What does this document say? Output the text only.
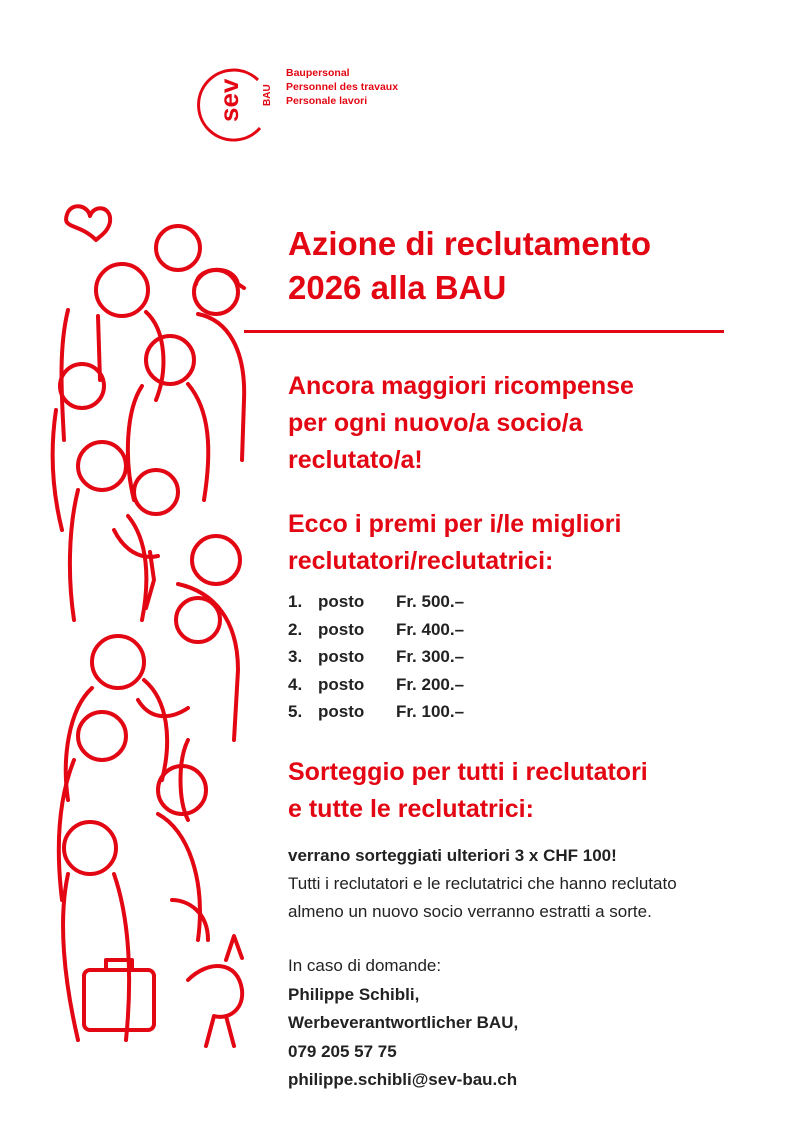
sev BAU
Baupersonal
Personnel des travaux
Personale lavori
Azione di reclutamento
2026 alla BAU

Ancora maggiori ricompense
per ogni nuovo/a socio/a
reclutato/a!

Ecco i premi per i/le migliori
reclutatori/reclutatrici:

1. posto	Fr. 500.–
2. posto	Fr. 400.–
3. posto	Fr. 300.–
4. posto	Fr. 200.–
5. posto	Fr. 100.–

Sorteggio per tutti i reclutatori
e tutte le reclutatrici:

verrano sorteggiati ulteriori 3 x CHF 100!
Tutti i reclutatori e le reclutatrici che hanno reclutato
almeno un nuovo socio verranno estratti a sorte.
In caso di domande:
Philippe Schibli,
Werbeverantwortlicher BAU,
079 205 57 75
philippe.schibli@sev-bau.ch
